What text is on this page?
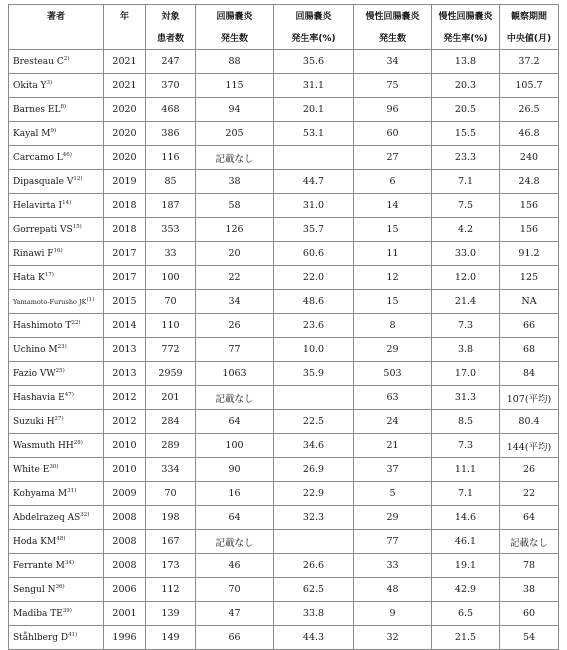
著者	年	対象	回腸嚢炎	回腸嚢炎	慢性回腸嚢炎	慢性回腸嚢炎	観察期間
		患者数	発生数	発生率(%)	発生数	発生率(%)	中央値(月)
Bresteau $C^{2)}$	2021	247	88	35.6	34	13.8	37.2
Okita $Y^{3)}$	2021	370	115	31.1	75	20.3	105.7
Barnes EL$^{8)}$	2020	468	94	20.1	96	20.5	26.5
Kayal $M^{9)}$	2020	386	205	53.1	60	15.5	46.8
Carcamo $L^{46)}$	2020	116	記載なし		27	23.3	240
Dipasquale $V^{12)}$	2019	85	38	44.7	6	7.1	24.8
Helavirta $I^{14)}$	2018	187	58	31.0	14	7.5	156
Gorrepati VS$^{15)}$	2018	353	126	35.7	15	4.2	156
Rinawi $F^{16)}$	2017	33	20	60.6	11	33.0	91.2
Hata $K^{17)}$	2017	100	22	22.0	12	12.0	125
Yamamoto-Furusho JK$^{(1)}$	2015	70	34	48.6	15	21.4	NA
Hashimoto $T^{22)}$	2014	110	26	23.6	8	7.3	66
Uchino $M^{23)}$	2013	772	77	10.0	29	3.8	68
Fazio VW$^{25)}$	2013	2959	1063	35.9	503	17.0	84
Hashavia $E^{47)}$	2012	201	記載なし		63	31.3	107(平均)
Suzuki $H^{27)}$	2012	284	64	22.5	24	8.5	80.4
Wasmuth HH$^{28)}$	2010	289	100	34.6	21	7.3	144(平均)
White $E^{30)}$	2010	334	90	26.9	37	11.1	26
Kohyama $M^{31)}$	2009	70	16	22.9	5	7.1	22
Abdelrazeq AS$^{32)}$	2008	198	64	32.3	29	14.6	64
Hoda KM$^{48)}$	2008	167	記載なし		77	46.1	記載なし
Ferrante $M^{34)}$	2008	173	46	26.6	33	19.1	78
Sengul $N^{36)}$	2006	112	70	62.5	48	42.9	38
Madiba TE$^{39)}$	2001	139	47	33.8	9	6.5	60
Ståhlberg $D^{41)}$	1996	149	66	44.3	32	21.5	54
